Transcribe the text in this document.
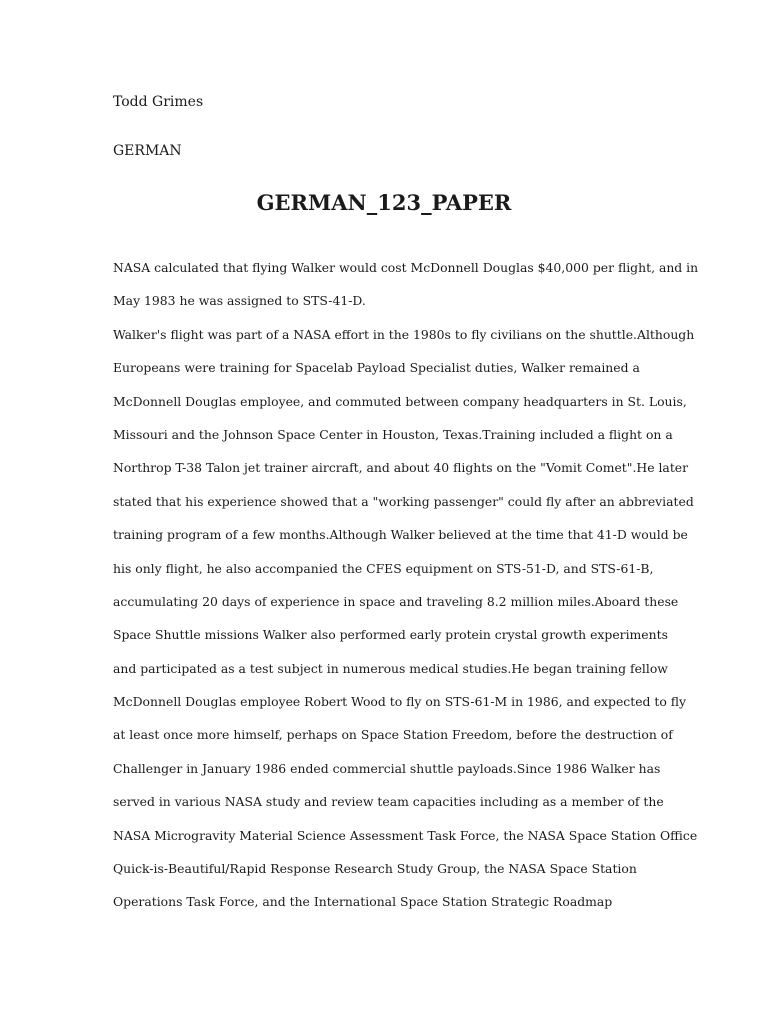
Todd Grimes
GERMAN
GERMAN_123_PAPER
NASA calculated that flying Walker would cost McDonnell Douglas $40,000 per flight, and in
May 1983 he was assigned to STS-41-D.
Walker's flight was part of a NASA effort in the 1980s to fly civilians on the shuttle.Although
Europeans were training for Spacelab Payload Specialist duties, Walker remained a
McDonnell Douglas employee, and commuted between company headquarters in St. Louis,
Missouri and the Johnson Space Center in Houston, Texas.Training included a flight on a
Northrop T-38 Talon jet trainer aircraft, and about 40 flights on the "Vomit Comet".He later
stated that his experience showed that a "working passenger" could fly after an abbreviated
training program of a few months.Although Walker believed at the time that 41-D would be
his only flight, he also accompanied the CFES equipment on STS-51-D, and STS-61-B,
accumulating 20 days of experience in space and traveling 8.2 million miles.Aboard these
Space Shuttle missions Walker also performed early protein crystal growth experiments
and participated as a test subject in numerous medical studies.He began training fellow
McDonnell Douglas employee Robert Wood to fly on STS-61-M in 1986, and expected to fly
at least once more himself, perhaps on Space Station Freedom, before the destruction of
Challenger in January 1986 ended commercial shuttle payloads.Since 1986 Walker has
served in various NASA study and review team capacities including as a member of the
NASA Microgravity Material Science Assessment Task Force, the NASA Space Station Office
Quick-is-Beautiful/Rapid Response Research Study Group, the NASA Space Station
Operations Task Force, and the International Space Station Strategic Roadmap
